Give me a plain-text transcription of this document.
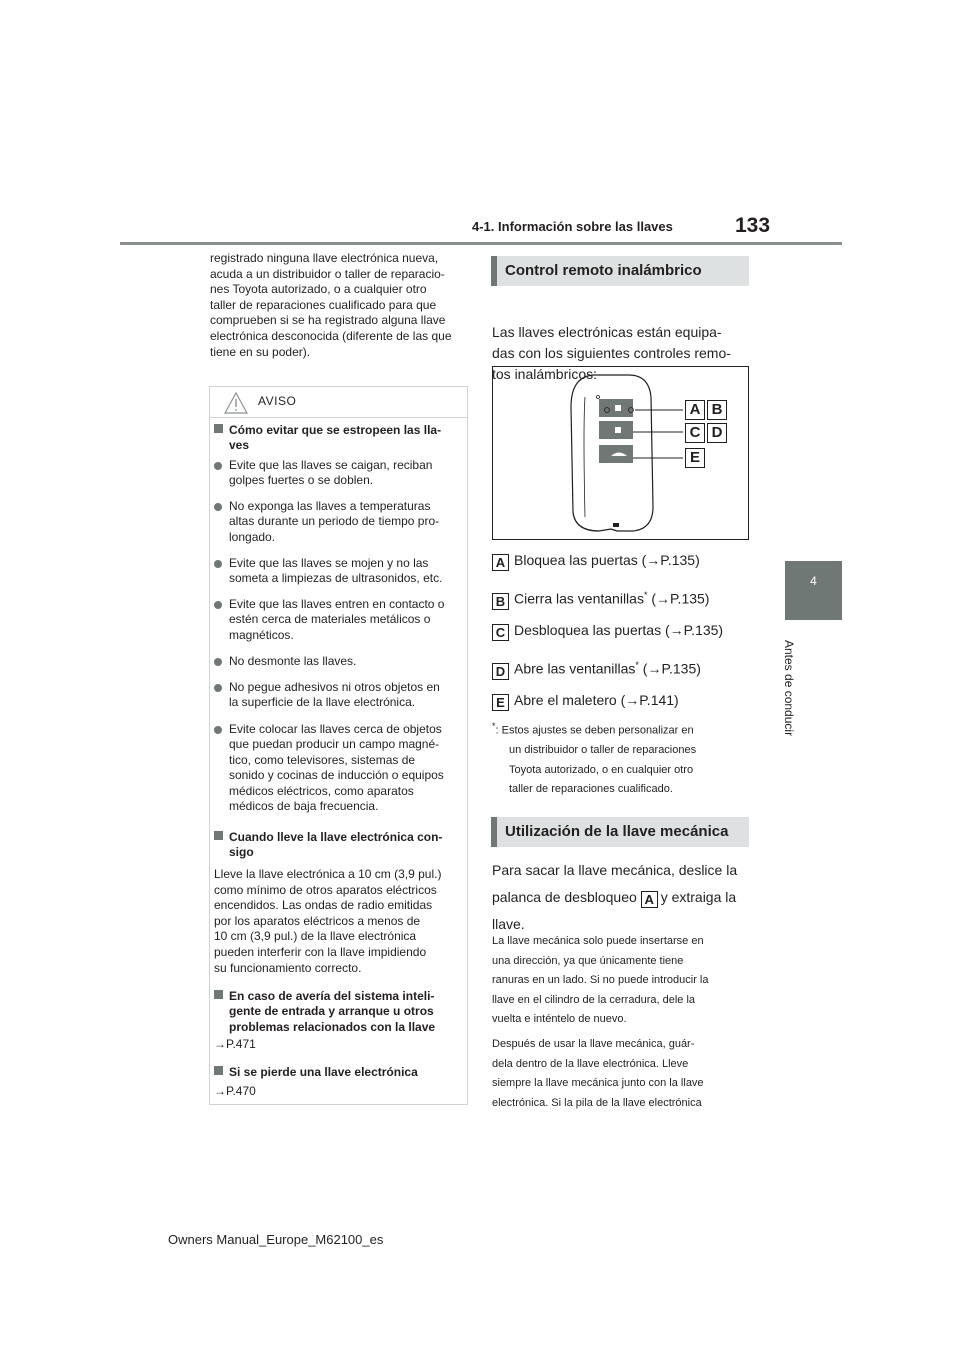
133
4-1. Información sobre las llaves
4
Antes de conducir
registrado ninguna llave electrónica nueva,
acuda a un distribuidor o taller de reparacio-
nes Toyota autorizado, o a cualquier otro
taller de reparaciones cualificado para que
comprueben si se ha registrado alguna llave
electrónica desconocida (diferente de las que
tiene en su poder).
AVISO
Cómo evitar que se estropeen las lla-
ves
Evite que las llaves se caigan, reciban
golpes fuertes o se doblen.
No exponga las llaves a temperaturas
altas durante un periodo de tiempo pro-
longado.
Evite que las llaves se mojen y no las
someta a limpiezas de ultrasonidos, etc.
Evite que las llaves entren en contacto o
estén cerca de materiales metálicos o
magnéticos.
No desmonte las llaves.
No pegue adhesivos ni otros objetos en
la superficie de la llave electrónica.
Evite colocar las llaves cerca de objetos
que puedan producir un campo magné-
tico, como televisores, sistemas de
sonido y cocinas de inducción o equipos
médicos eléctricos, como aparatos
médicos de baja frecuencia.
Cuando lleve la llave electrónica con-
sigo
Lleve la llave electrónica a 10 cm (3,9 pul.)
como mínimo de otros aparatos eléctricos
encendidos. Las ondas de radio emitidas
por los aparatos eléctricos a menos de
10 cm (3,9 pul.) de la llave electrónica
pueden interferir con la llave impidiendo
su funcionamiento correcto.
En caso de avería del sistema inteli-
gente de entrada y arranque u otros
problemas relacionados con la llave
→P.471
Si se pierde una llave electrónica
→P.470
Control remoto inalámbrico
Las llaves electrónicas están equipa-
das con los siguientes controles remo-
tos inalámbricos:
A B
C D
E
A Bloquea las puertas (→P.135)
B Cierra las ventanillas* (→P.135)
C Desbloquea las puertas (→P.135)
D Abre las ventanillas* (→P.135)
E Abre el maletero (→P.141)
*: Estos ajustes se deben personalizar en
un distribuidor o taller de reparaciones
Toyota autorizado, o en cualquier otro
taller de reparaciones cualificado.
Utilización de la llave mecánica
Para sacar la llave mecánica, deslice la
palanca de desbloqueo A y extraiga la
llave.
La llave mecánica solo puede insertarse en
una dirección, ya que únicamente tiene
ranuras en un lado. Si no puede introducir la
llave en el cilindro de la cerradura, dele la
vuelta e inténtelo de nuevo.
Después de usar la llave mecánica, guár-
dela dentro de la llave electrónica. Lleve
siempre la llave mecánica junto con la llave
electrónica. Si la pila de la llave electrónica
Owners Manual_Europe_M62100_es
